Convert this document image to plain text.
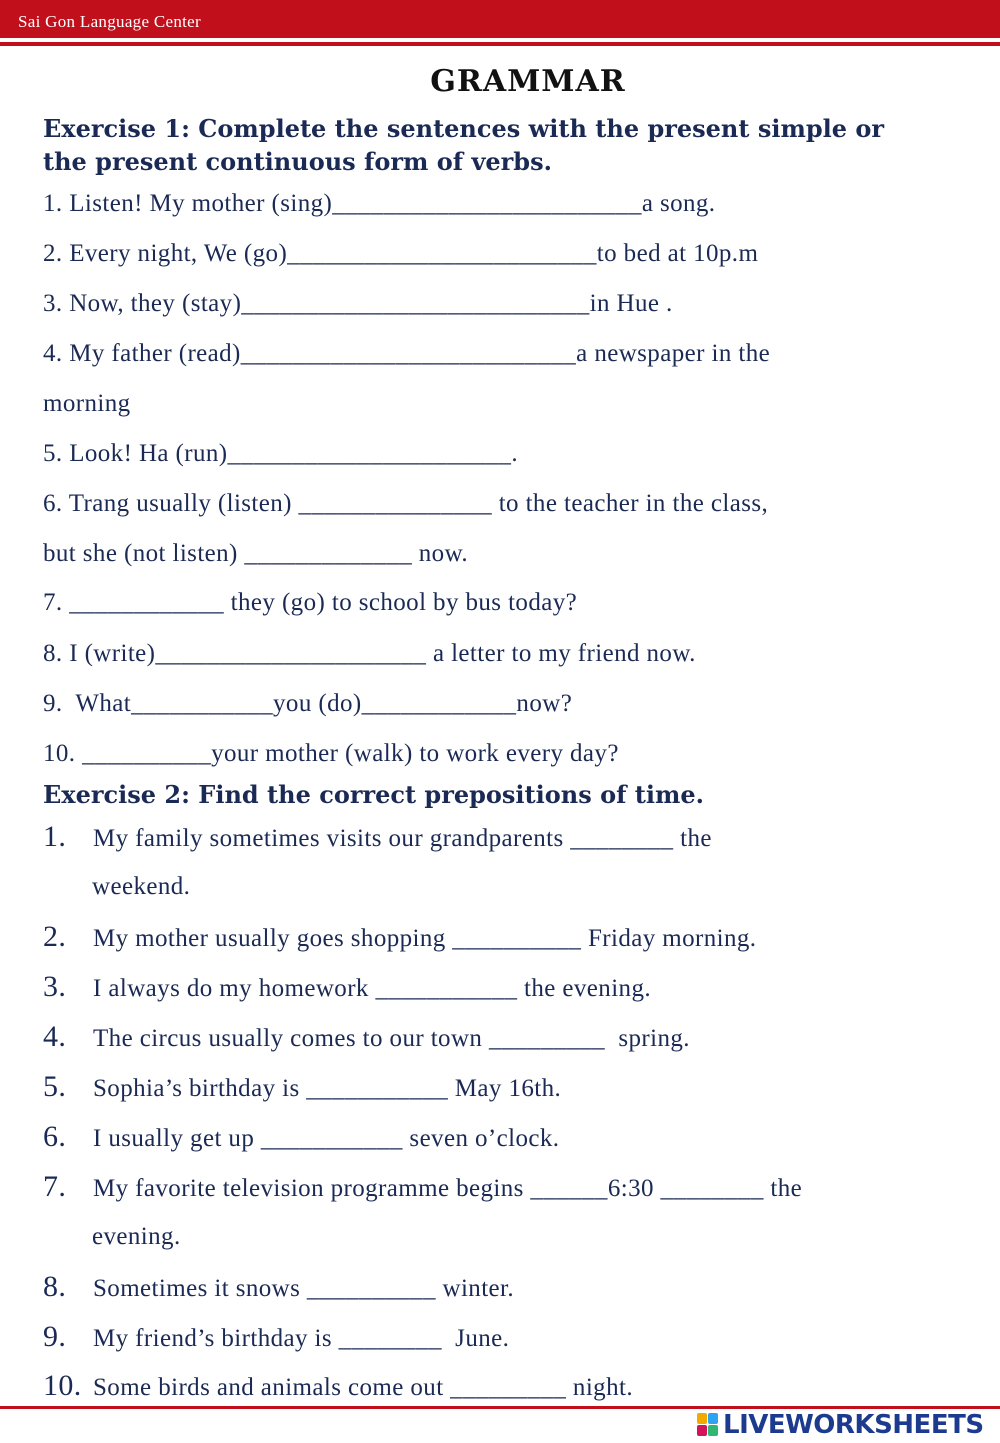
Sai Gon Language Center
GRAMMAR
Exercise 1: Complete the sentences with the present simple or
the present continuous form of verbs.
1. Listen! My mother (sing)________________________a song.
2. Every night, We (go)________________________to bed at 10p.m
3. Now, they (stay)___________________________in Hue .
4. My father (read)__________________________a newspaper in the
morning
5. Look! Ha (run)______________________.
6. Trang usually (listen) _______________ to the teacher in the class,
but she (not listen) _____________ now.
7. ____________ they (go) to school by bus today?
8. I (write)_____________________ a letter to my friend now.
9.  What___________you (do)____________now?
10. __________your mother (walk) to work every day?
Exercise 2: Find the correct prepositions of time.
1. My family sometimes visits our grandparents ________ the
weekend.
2. My mother usually goes shopping __________ Friday morning.
3. I always do my homework ___________ the evening.
4. The circus usually comes to our town _________  spring.
5. Sophia’s birthday is ___________ May 16th.
6. I usually get up ___________ seven o’clock.
7. My favorite television programme begins ______6:30 ________ the
evening.
8. Sometimes it snows __________ winter.
9. My friend’s birthday is ________  June.
10. Some birds and animals come out _________ night.
LIVEWORKSHEETS
